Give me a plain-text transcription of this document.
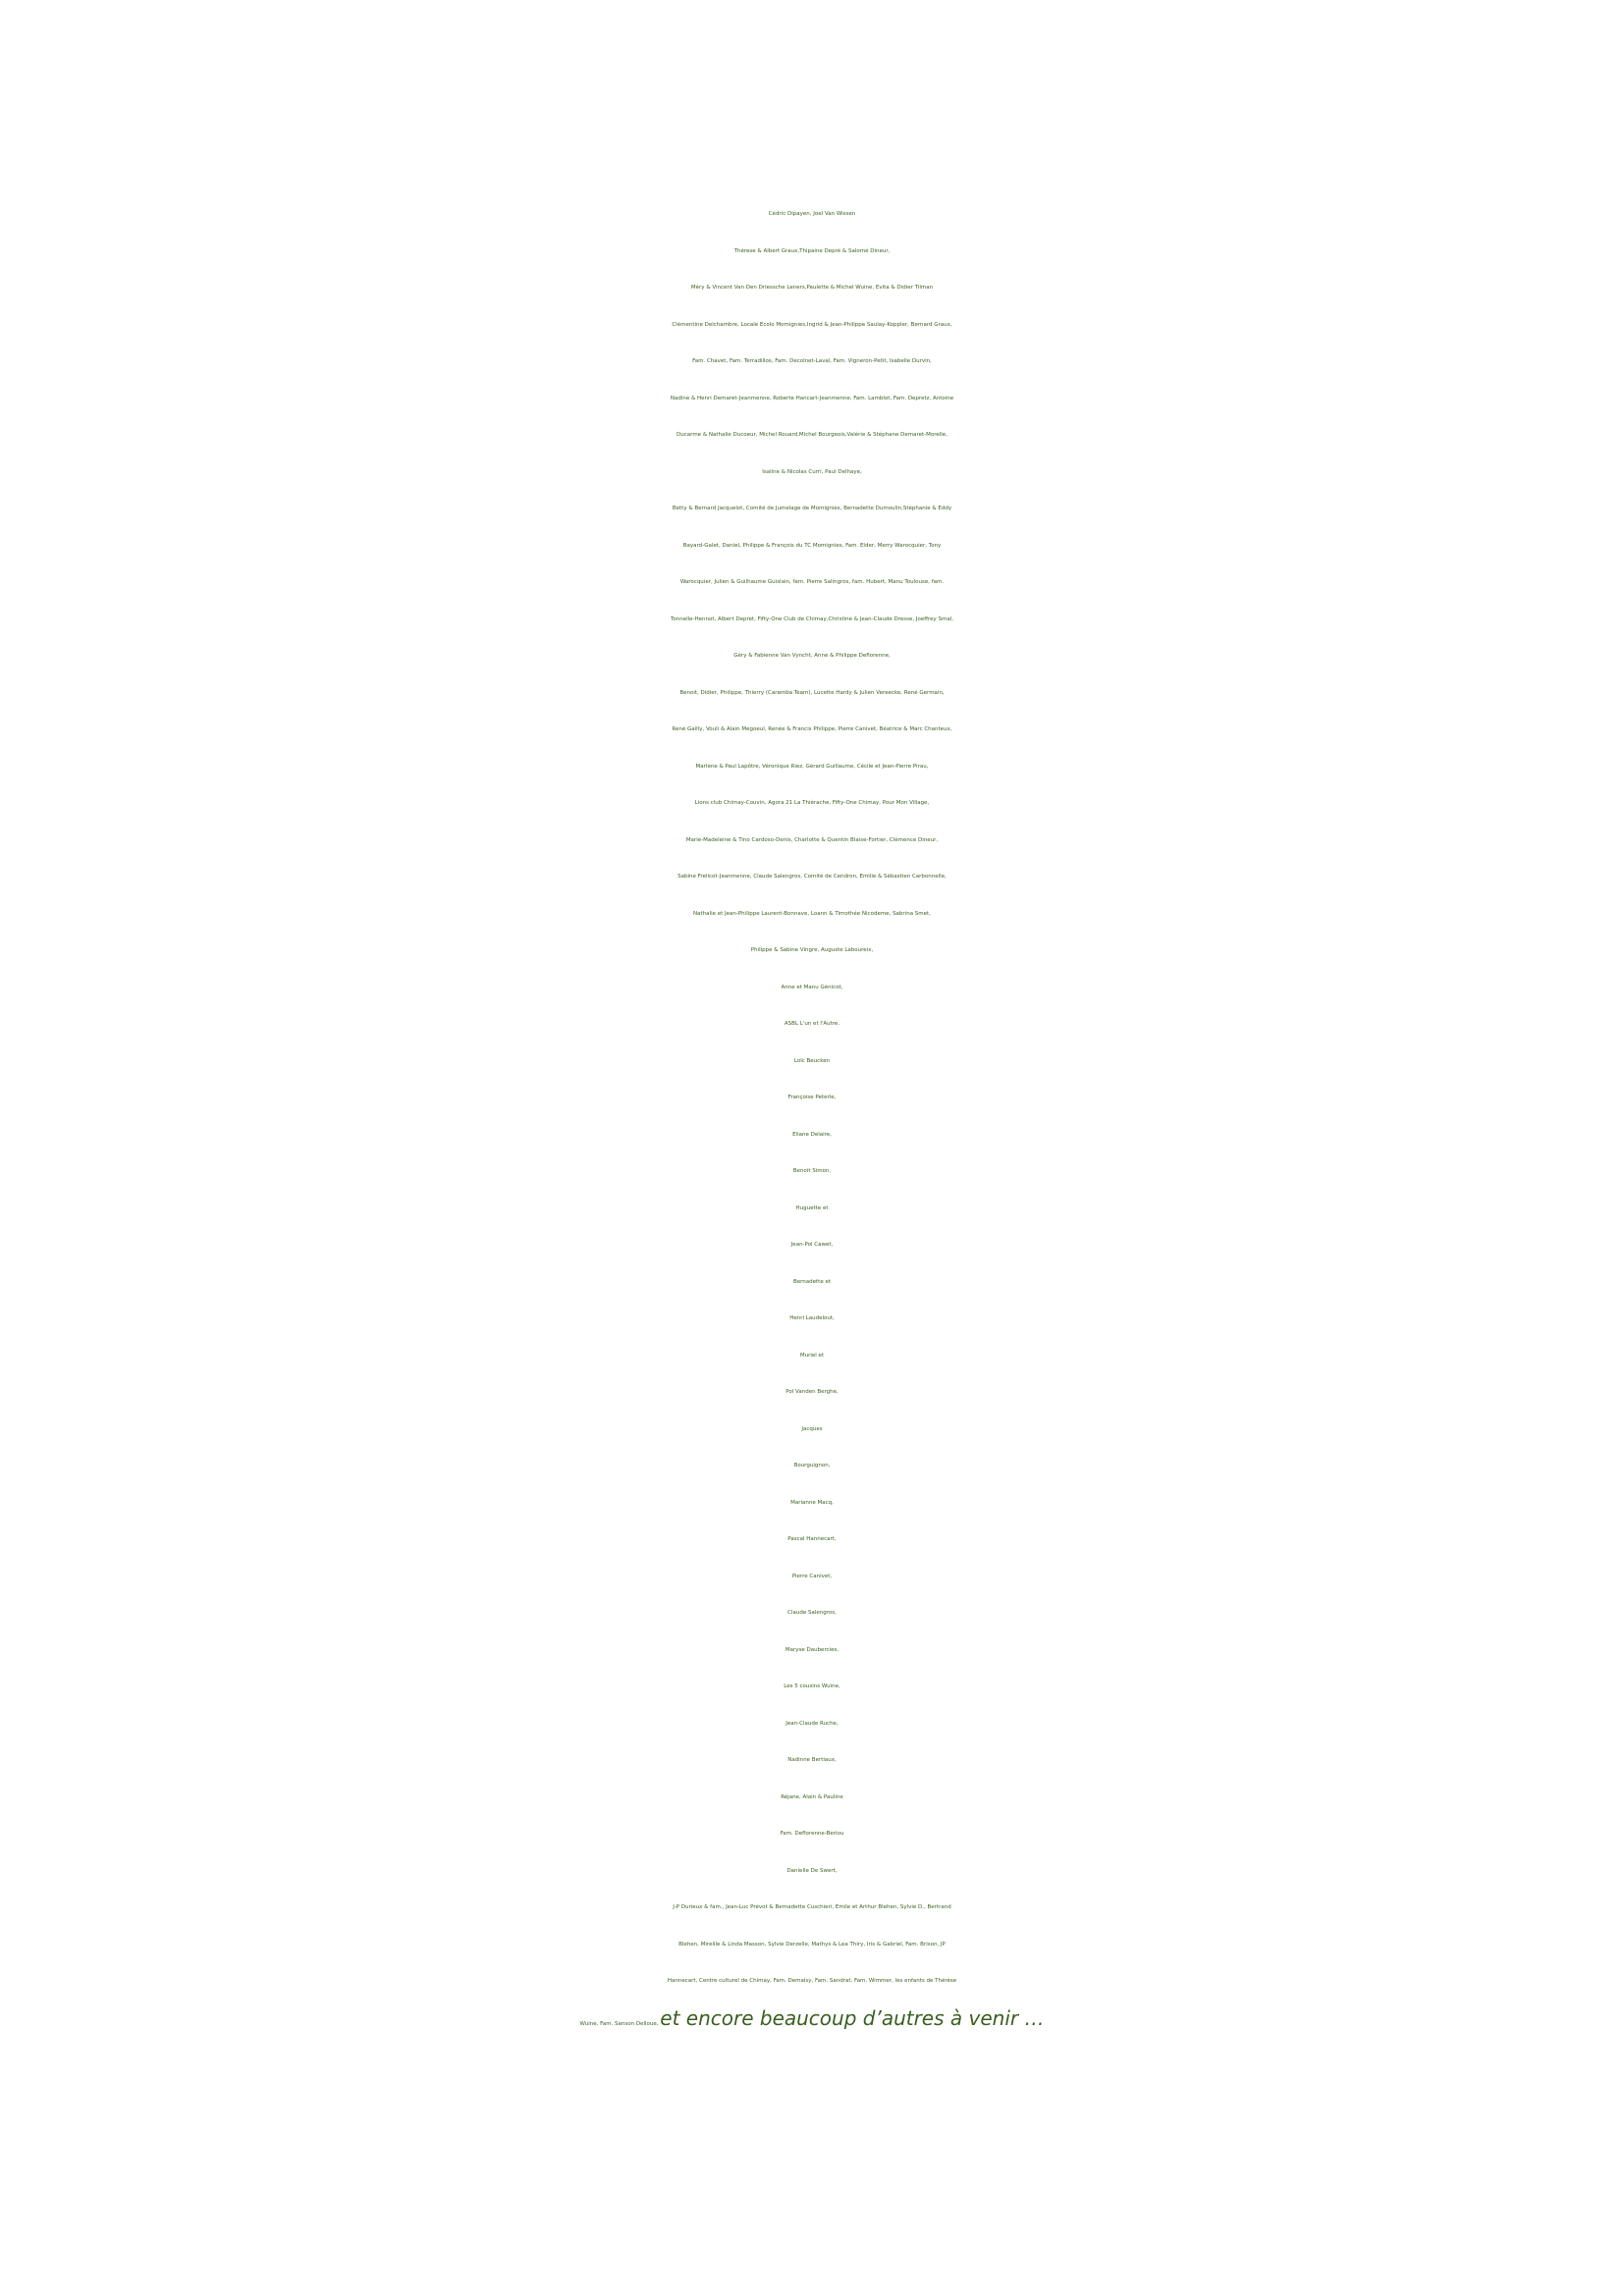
Cédric Dipayen, Joel Van Wissen
Thérese & Albert Graux,Thipaine Depré & Salomé Dineur,
Méry & Vincent Van Den Driessche Leners,Paulette & Michel Wuine, Evita & Didier Tilman
Clémentine Delchambre, Locale Ecolo Momignies,Ingrid & Jean-Philippe Saulay-Koppler, Bernard Graux,
Fam. Chavet, Fam. Terradillos, Fam. Decolnet-Laval, Fam. Vigneron-Petit, Isabelle Durvin,
Nadine & Henri Demaret-Jeanmenne, Roberte Hancart-Jeanmenne, Fam. Lamblot, Fam. Depretz, Antoine
Ducarme & Nathalie Ducoeur, Michel Rouard,Michel Bourgeois,Valérie & Stéphane Demaret-Morelle,
Isaline & Nicolas Curri, Paul Delhaye,
Betty & Bernard Jacquelot, Comité de Jumelage de Momignies, Bernadette Dumoulin,Stéphanie & Eddy
Bayard-Galet, Daniel, Philippe & François du TC Momignies, Fam. Elder, Merry Warocquier, Tony
Warocquier, Julien & Guilhaume Guislain, fam. Pierre Salingros, fam. Hubert, Manu Toulouse, fam.
Tonnelle-Hennot, Albert Depret, Fifty-One Club de Chimay,Christine & Jean-Claude Dresse, Joeffrey Smal,
Géry & Fabienne Van Vyncht, Anne & Philippe Deflorenne,
Benoit, Didier, Philippe, Thierry (Caramba Team), Lucette Hardy & Julien Vereecke, René Germain,
René Gailly, Vouli & Alain Megoeul, Renée & Francis Philippe, Pierre Canivet, Béatrice & Marc Chanteux,
Marlène & Paul Lapôtre, Véronique Riez, Gérard Guillaume, Cécile et Jean-Pierre Pirau,
Lions club Chimay-Couvin, Agora 21 La Thiérache, Fifty-One Chimay, Pour Mon Village,
Marie-Madeleine & Tino Cardoso-Denis, Charlotte & Quentin Blaise-Fortier, Clémence Dineur,
Sabine Frelicot-Jeanmenne, Claude Salengros, Comité de Cendron, Emilie & Sébastien Carbonnelle,
Nathalie et Jean-Philippe Laurent-Bonnave, Loann & Timothée Nicodeme, Sabrina Smet,
Philippe & Sabine Vingre, Auguste Laboureix,
Anne et Manu Génicot,
ASBL L'un et l'Autre,
Loïc Beucken
Françoise Peterle,
Eliane Delaire,
Benoit Simon,
Huguette et
Jean-Pol Cawet,
Bernadette et
Henri Laudelout,
Muriel et
Pol Vanden Berghe,
Jacques
Bourguignon,
Marianne Macq,
Pascal Hannecart,
Pierre Canivet,
Claude Salengros,
Maryse Daubercies,
Les 5 cousins Wuine,
Jean-Claude Ruche,
Nadinne Bertiaux,
Réjane, Alain & Pauline
Fam. Deflorenne-Beriou
Danielle De Swert,
J-P Durieux & fam., Jean-Luc Prévot & Bernadette Cuschieri, Emile et Arthur Blehen, Sylvie D., Bertrand
Blehen, Mireille & Linda Masson, Sylvie Derzelle, Mathys & Lea Thiry, Iris & Gabriel, Fam. Brison, JP
Hannecart, Centre culturel de Chimay, Fam. Demalsy, Fam. Sandrat, Fam. Wimmer, les enfants de Thérèse
Wuine, Fam. Sanson Delloue, et encore beaucoup d’autres à venir …
